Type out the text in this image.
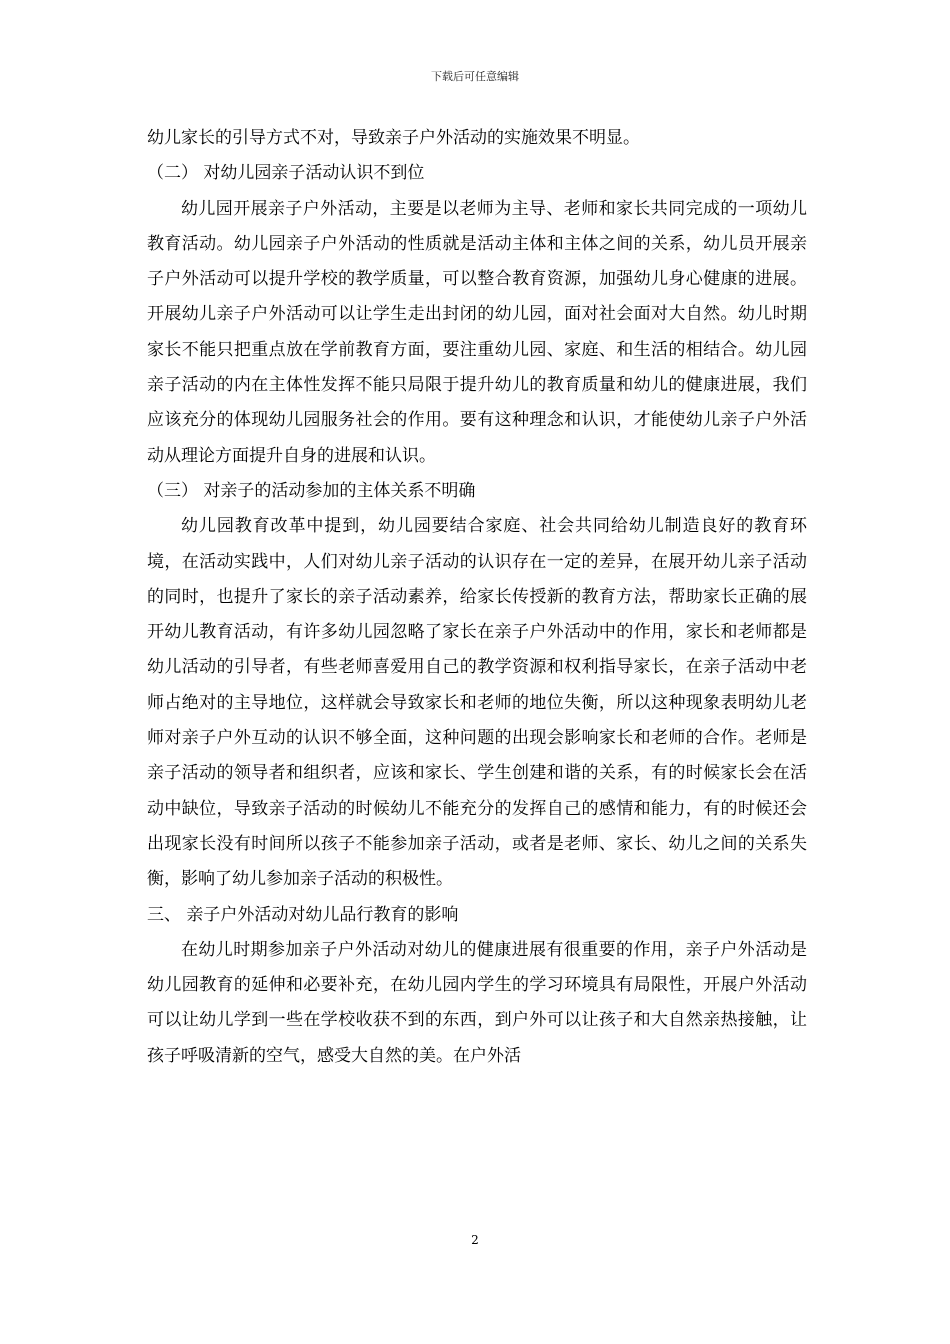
下载后可任意编辑

幼儿家长的引导方式不对，导致亲子户外活动的实施效果不明显。

（二） 对幼儿园亲子活动认识不到位

幼儿园开展亲子户外活动，主要是以老师为主导、老师和家长共同完成的一项幼儿教育活动。幼儿园亲子户外活动的性质就是活动主体和主体之间的关系，幼儿员开展亲子户外活动可以提升学校的教学质量，可以整合教育资源，加强幼儿身心健康的进展。开展幼儿亲子户外活动可以让学生走出封闭的幼儿园，面对社会面对大自然。幼儿时期家长不能只把重点放在学前教育方面，要注重幼儿园、家庭、和生活的相结合。幼儿园亲子活动的内在主体性发挥不能只局限于提升幼儿的教育质量和幼儿的健康进展，我们应该充分的体现幼儿园服务社会的作用。要有这种理念和认识，才能使幼儿亲子户外活动从理论方面提升自身的进展和认识。

（三） 对亲子的活动参加的主体关系不明确

幼儿园教育改革中提到，幼儿园要结合家庭、社会共同给幼儿制造良好的教育环境，在活动实践中，人们对幼儿亲子活动的认识存在一定的差异，在展开幼儿亲子活动的同时，也提升了家长的亲子活动素养，给家长传授新的教育方法，帮助家长正确的展开幼儿教育活动，有许多幼儿园忽略了家长在亲子户外活动中的作用，家长和老师都是幼儿活动的引导者，有些老师喜爱用自己的教学资源和权利指导家长，在亲子活动中老师占绝对的主导地位，这样就会导致家长和老师的地位失衡，所以这种现象表明幼儿老师对亲子户外互动的认识不够全面，这种问题的出现会影响家长和老师的合作。老师是亲子活动的领导者和组织者，应该和家长、学生创建和谐的关系，有的时候家长会在活动中缺位，导致亲子活动的时候幼儿不能充分的发挥自己的感情和能力，有的时候还会出现家长没有时间所以孩子不能参加亲子活动，或者是老师、家长、幼儿之间的关系失衡，影响了幼儿参加亲子活动的积极性。

三、 亲子户外活动对幼儿品行教育的影响

在幼儿时期参加亲子户外活动对幼儿的健康进展有很重要的作用，亲子户外活动是幼儿园教育的延伸和必要补充，在幼儿园内学生的学习环境具有局限性，开展户外活动可以让幼儿学到一些在学校收获不到的东西，到户外可以让孩子和大自然亲热接触，让孩子呼吸清新的空气，感受大自然的美。在户外活

2
